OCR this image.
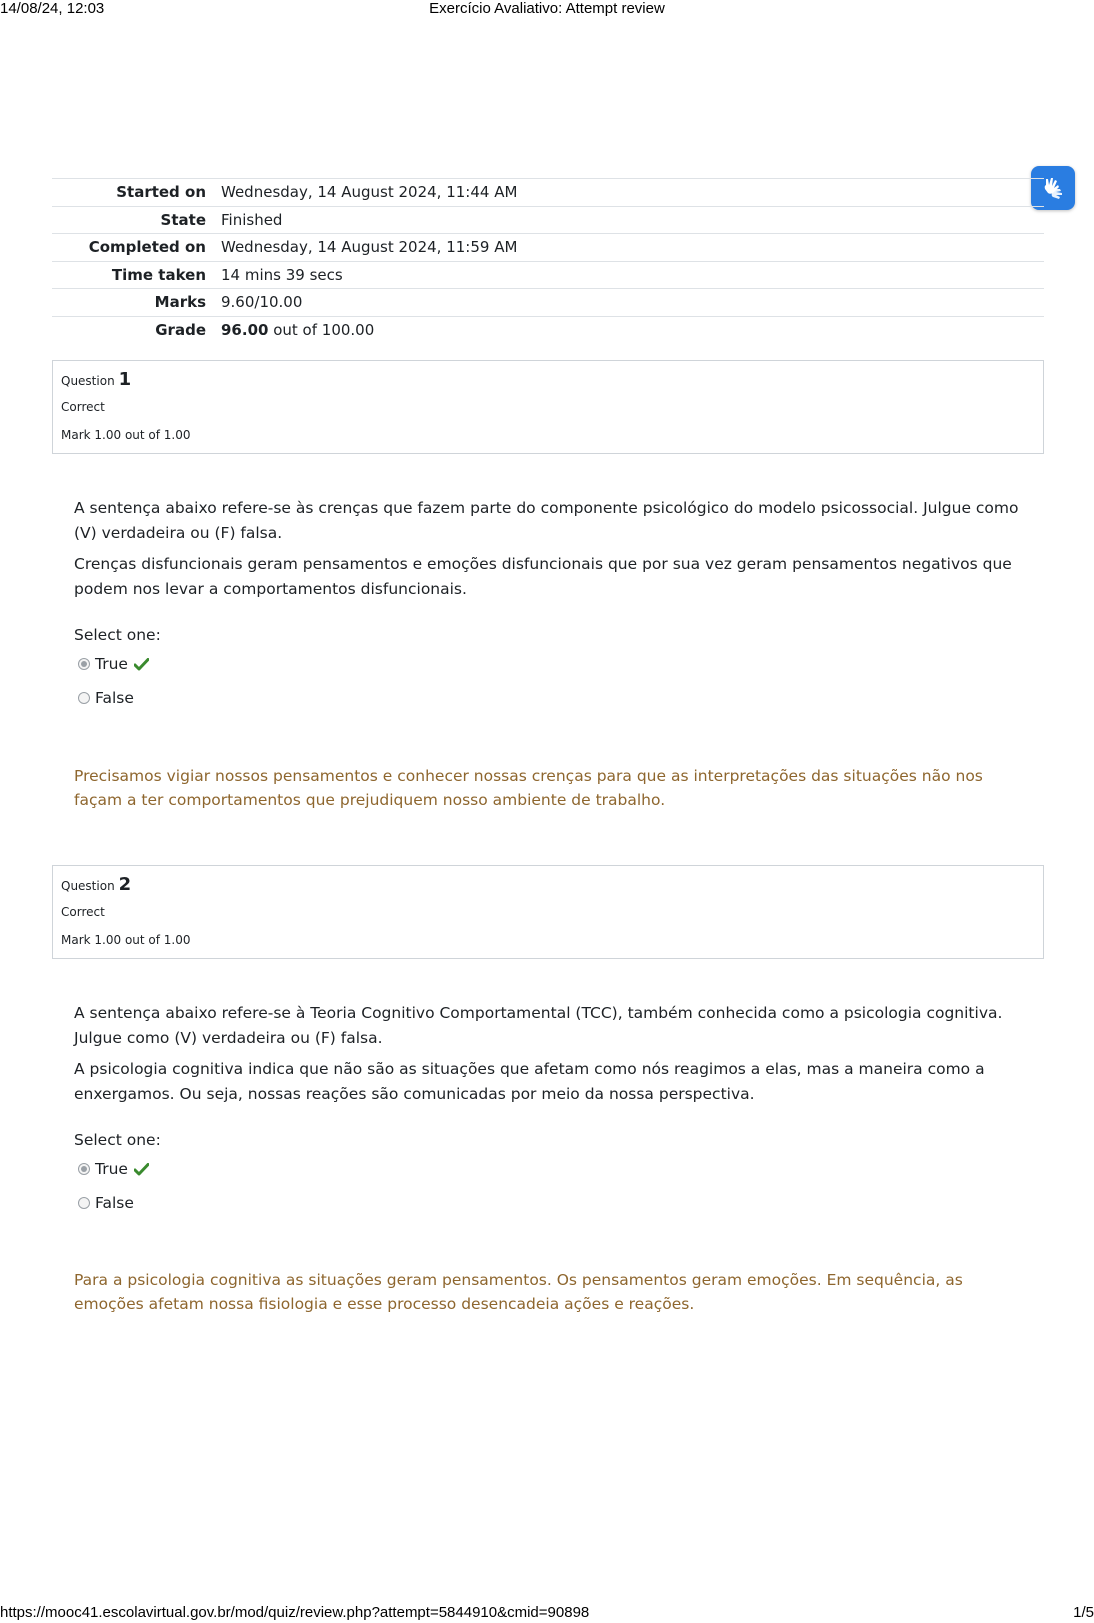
14/08/24, 12:03	Exercício Avaliativo: Attempt review
Started on	Wednesday, 14 August 2024, 11:44 AM
State	Finished
Completed on	Wednesday, 14 August 2024, 11:59 AM
Time taken	14 mins 39 secs
Marks	9.60/10.00
Grade	96.00 out of 100.00
Question 1
Correct
Mark 1.00 out of 1.00

A sentença abaixo refere-se às crenças que fazem parte do componente psicológico do modelo psicossocial. Julgue como (V) verdadeira ou (F) falsa.

Crenças disfuncionais geram pensamentos e emoções disfuncionais que por sua vez geram pensamentos negativos que podem nos levar a comportamentos disfuncionais.

Select one:
True
False
Precisamos vigiar nossos pensamentos e conhecer nossas crenças para que as interpretações das situações não nos façam a ter comportamentos que prejudiquem nosso ambiente de trabalho.
Question 2
Correct
Mark 1.00 out of 1.00

A sentença abaixo refere-se à Teoria Cognitivo Comportamental (TCC), também conhecida como a psicologia cognitiva. Julgue como (V) verdadeira ou (F) falsa.

A psicologia cognitiva indica que não são as situações que afetam como nós reagimos a elas, mas a maneira como a enxergamos. Ou seja, nossas reações são comunicadas por meio da nossa perspectiva.

Select one:
True
False
Para a psicologia cognitiva as situações geram pensamentos. Os pensamentos geram emoções. Em sequência, as emoções afetam nossa fisiologia e esse processo desencadeia ações e reações.
https://mooc41.escolavirtual.gov.br/mod/quiz/review.php?attempt=5844910&cmid=90898	1/5
